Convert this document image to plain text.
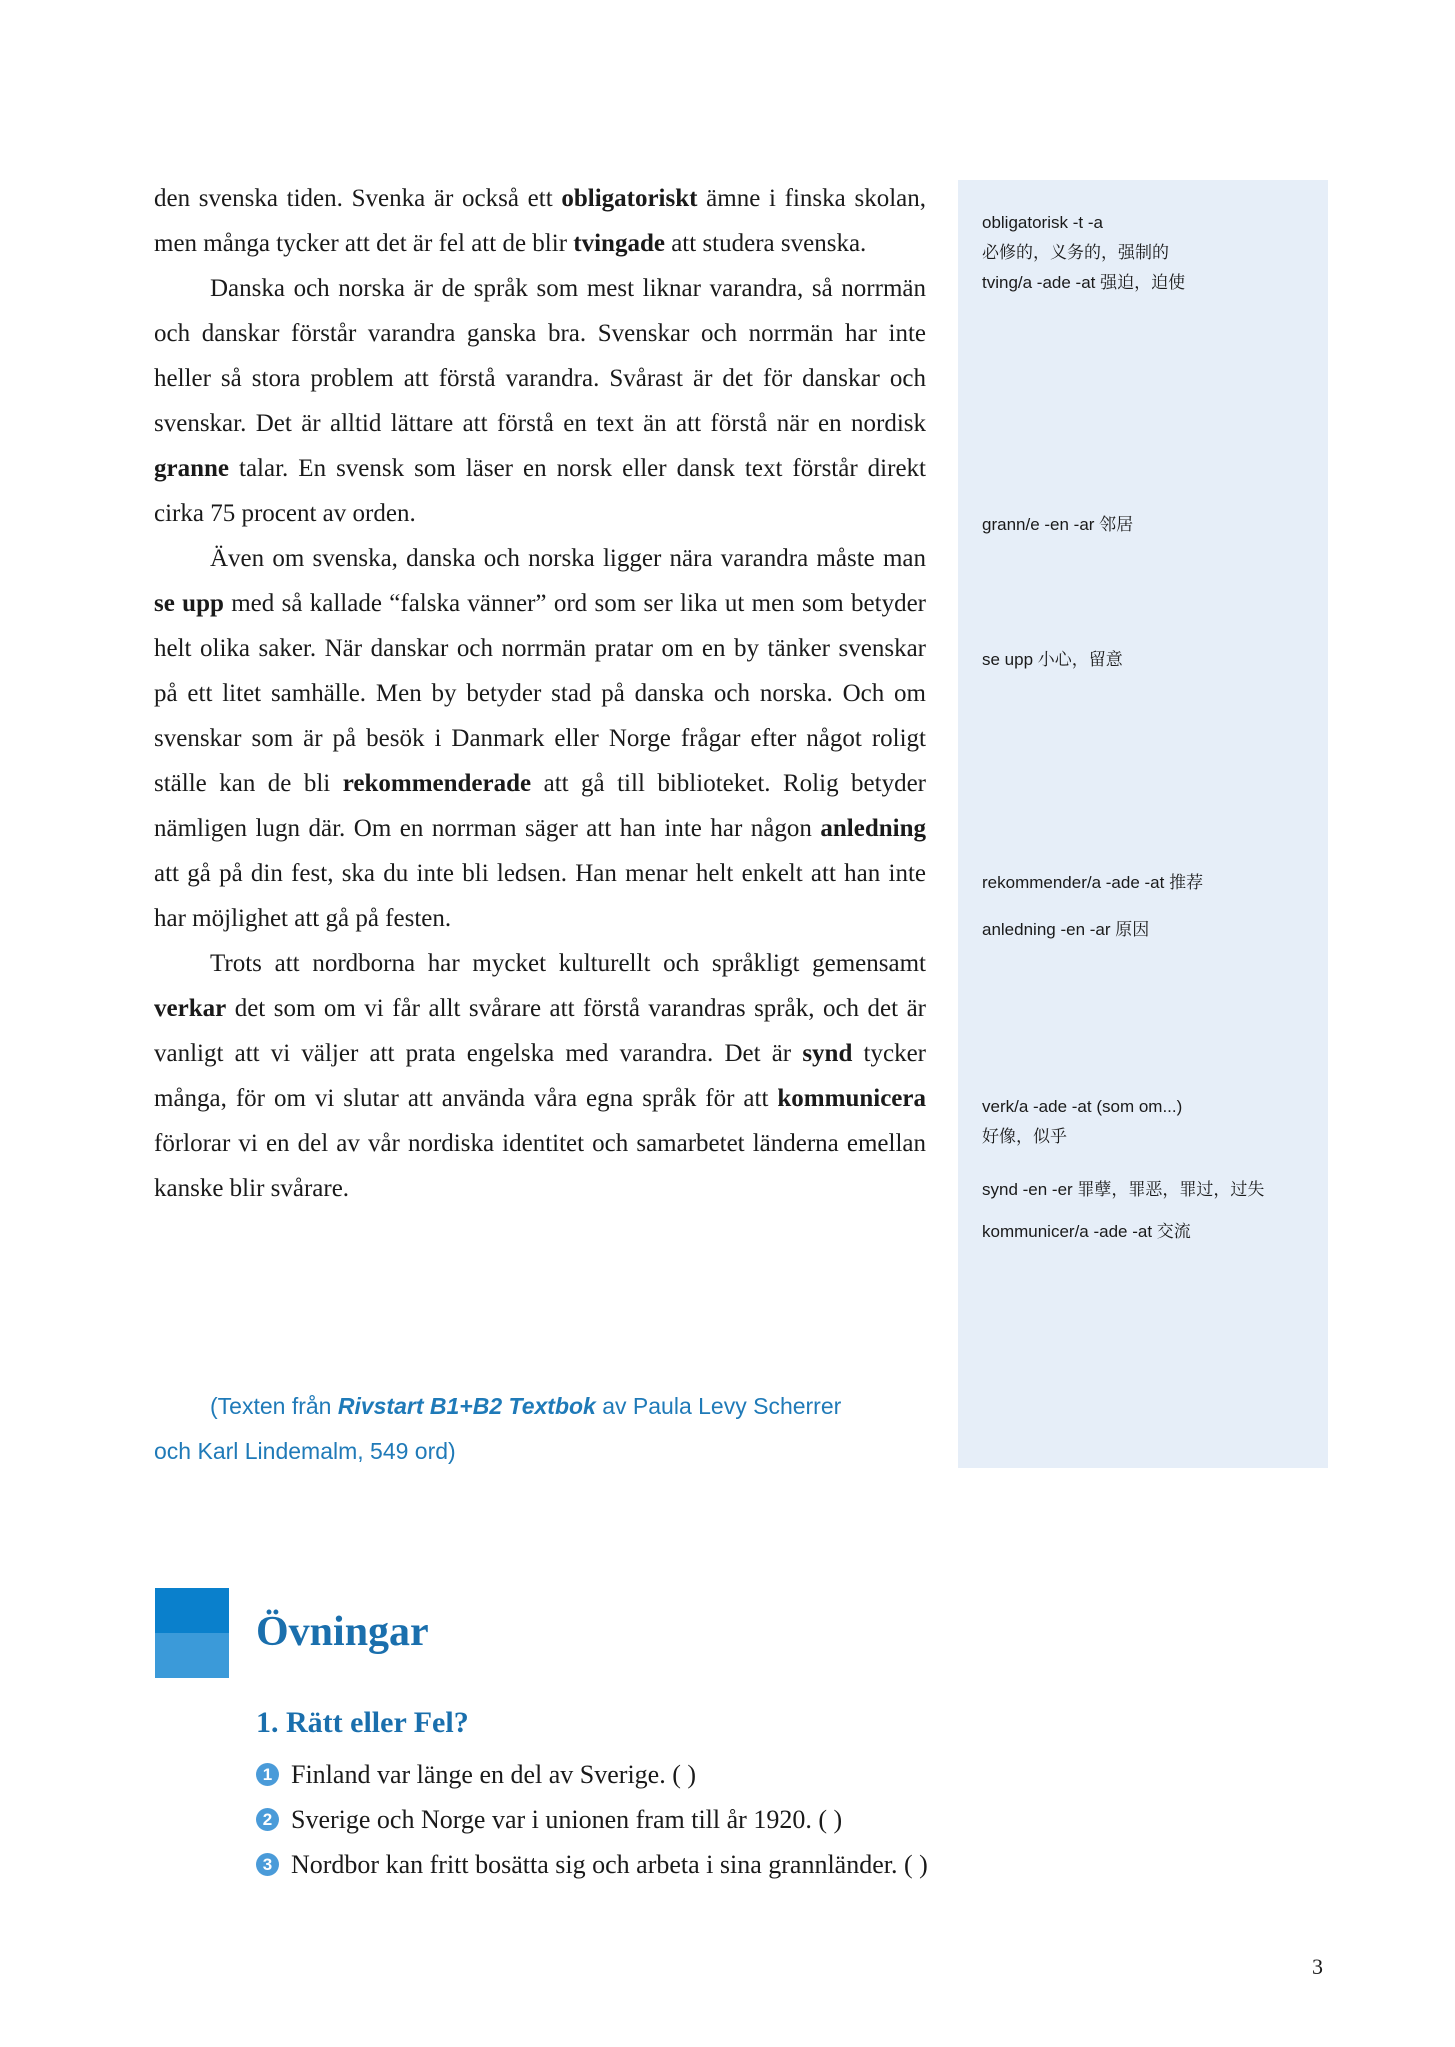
den svenska tiden. Svenka är också ett obligatoriskt ämne i finska skolan, men många tycker att det är fel att de blir tvingade att studera svenska.

Danska och norska är de språk som mest liknar varandra, så norrmän och danskar förstår varandra ganska bra. Svenskar och norrmän har inte heller så stora problem att förstå varandra. Svårast är det för danskar och svenskar. Det är alltid lättare att förstå en text än att förstå när en nordisk granne talar. En svensk som läser en norsk eller dansk text förstår direkt cirka 75 procent av orden.

Även om svenska, danska och norska ligger nära varandra måste man se upp med så kallade “falska vänner” ord som ser lika ut men som betyder helt olika saker. När danskar och norrmän pratar om en by tänker svenskar på ett litet samhälle. Men by betyder stad på danska och norska. Och om svenskar som är på besök i Danmark eller Norge frågar efter något roligt ställe kan de bli rekommenderade att gå till biblioteket. Rolig betyder nämligen lugn där. Om en norrman säger att han inte har någon anledning att gå på din fest, ska du inte bli ledsen. Han menar helt enkelt att han inte har möjlighet att gå på festen.

Trots att nordborna har mycket kulturellt och språkligt gemensamt verkar det som om vi får allt svårare att förstå varandras språk, och det är vanligt att vi väljer att prata engelska med varandra. Det är synd tycker många, för om vi slutar att använda våra egna språk för att kommunicera förlorar vi en del av vår nordiska identitet och samarbetet länderna emellan kanske blir svårare.

obligatorisk -t -a
必修的，义务的，强制的
tving/a -ade -at 强迫，迫使
grann/e -en -ar 邻居
se upp 小心，留意
rekommender/a -ade -at 推荐
anledning -en -ar 原因
verk/a -ade -at (som om...)
好像，似乎
synd -en -er 罪孽，罪恶，罪过，过失
kommunicer/a -ade -at 交流

(Texten från Rivstart B1+B2 Textbok av Paula Levy Scherrer

och Karl Lindemalm, 549 ord)

Övningar
1. Rätt eller Fel?
1 Finland var länge en del av Sverige. ( )
2 Sverige och Norge var i unionen fram till år 1920. ( )
3 Nordbor kan fritt bosätta sig och arbeta i sina grannländer. ( )
3
